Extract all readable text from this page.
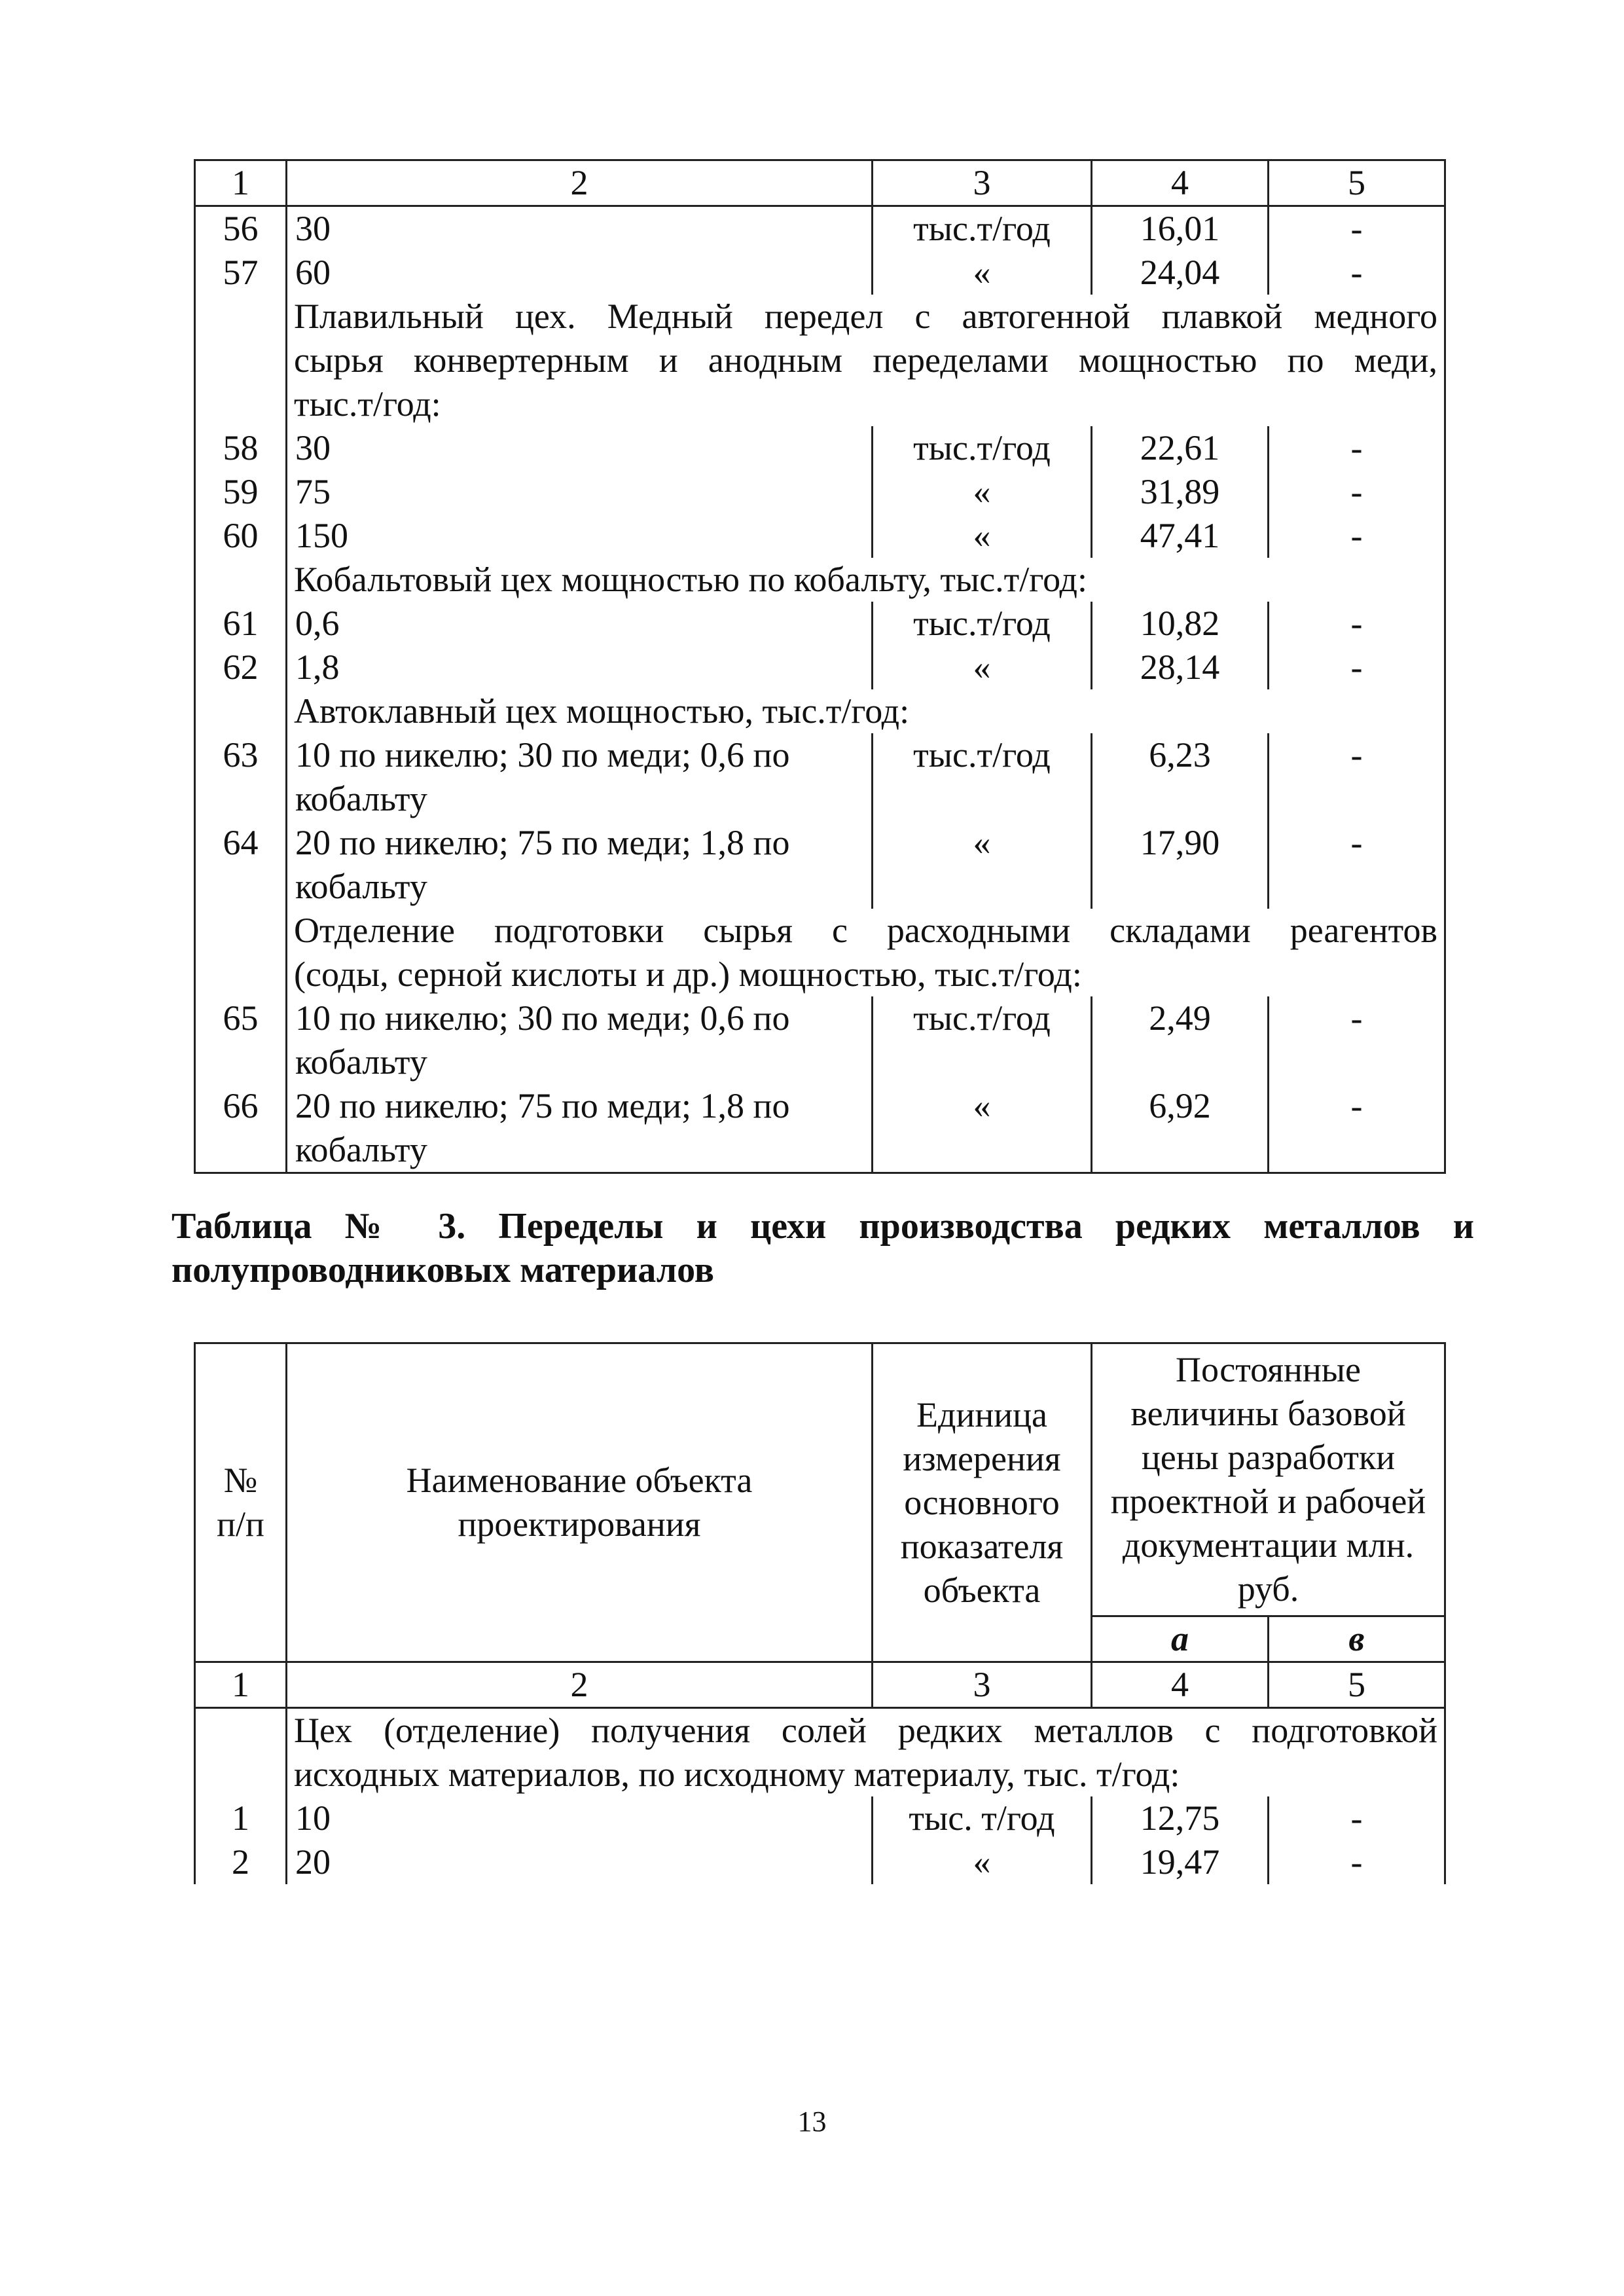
1	2	3	4	5
56	30	тыс.т/год	16,01	-
57	60	«	24,04	-

	Плавильный цех. Медный передел с автогенной плавкой медного
сырья конвертерным и анодным переделами мощностью по меди,
тыс.т/год:			

58	30	тыс.т/год	22,61	-
59	75	«	31,89	-
60	150	«	47,41	-

	Кобальтовый цех мощностью по кобальту, тыс.т/год:			

61	0,6	тыс.т/год	10,82	-
62	1,8	«	28,14	-

	Автоклавный цех мощностью, тыс.т/год:			

63	10 по никелю; 30 по меди; 0,6 по кобальту	тыс.т/год	6,23	-
64	20 по никелю; 75 по меди; 1,8 по кобальту	«	17,90	-

	Отделение подготовки сырья с расходными складами реагентов
(соды, серной кислоты и др.) мощностью, тыс.т/год:			

65	10 по никелю; 30 по меди; 0,6 по кобальту	тыс.т/год	2,49	-
66	20 по никелю; 75 по меди; 1,8 по кобальту	«	6,92	-
Таблица № 3. Переделы и цехи производства редких металлов и
полупроводниковых материалов
№ п/п	Наименование объекта проектирования	Единица измерения основного показателя объекта	Постоянные величины базовой цены разработки проектной и рабочей документации млн. руб.	
			а	в
1	2	3	4	5

	Цех (отделение) получения солей редких металлов с подготовкой
исходных материалов, по исходному материалу, тыс. т/год:			

1	10	тыс. т/год	12,75	-
2	20	«	19,47	-
13
